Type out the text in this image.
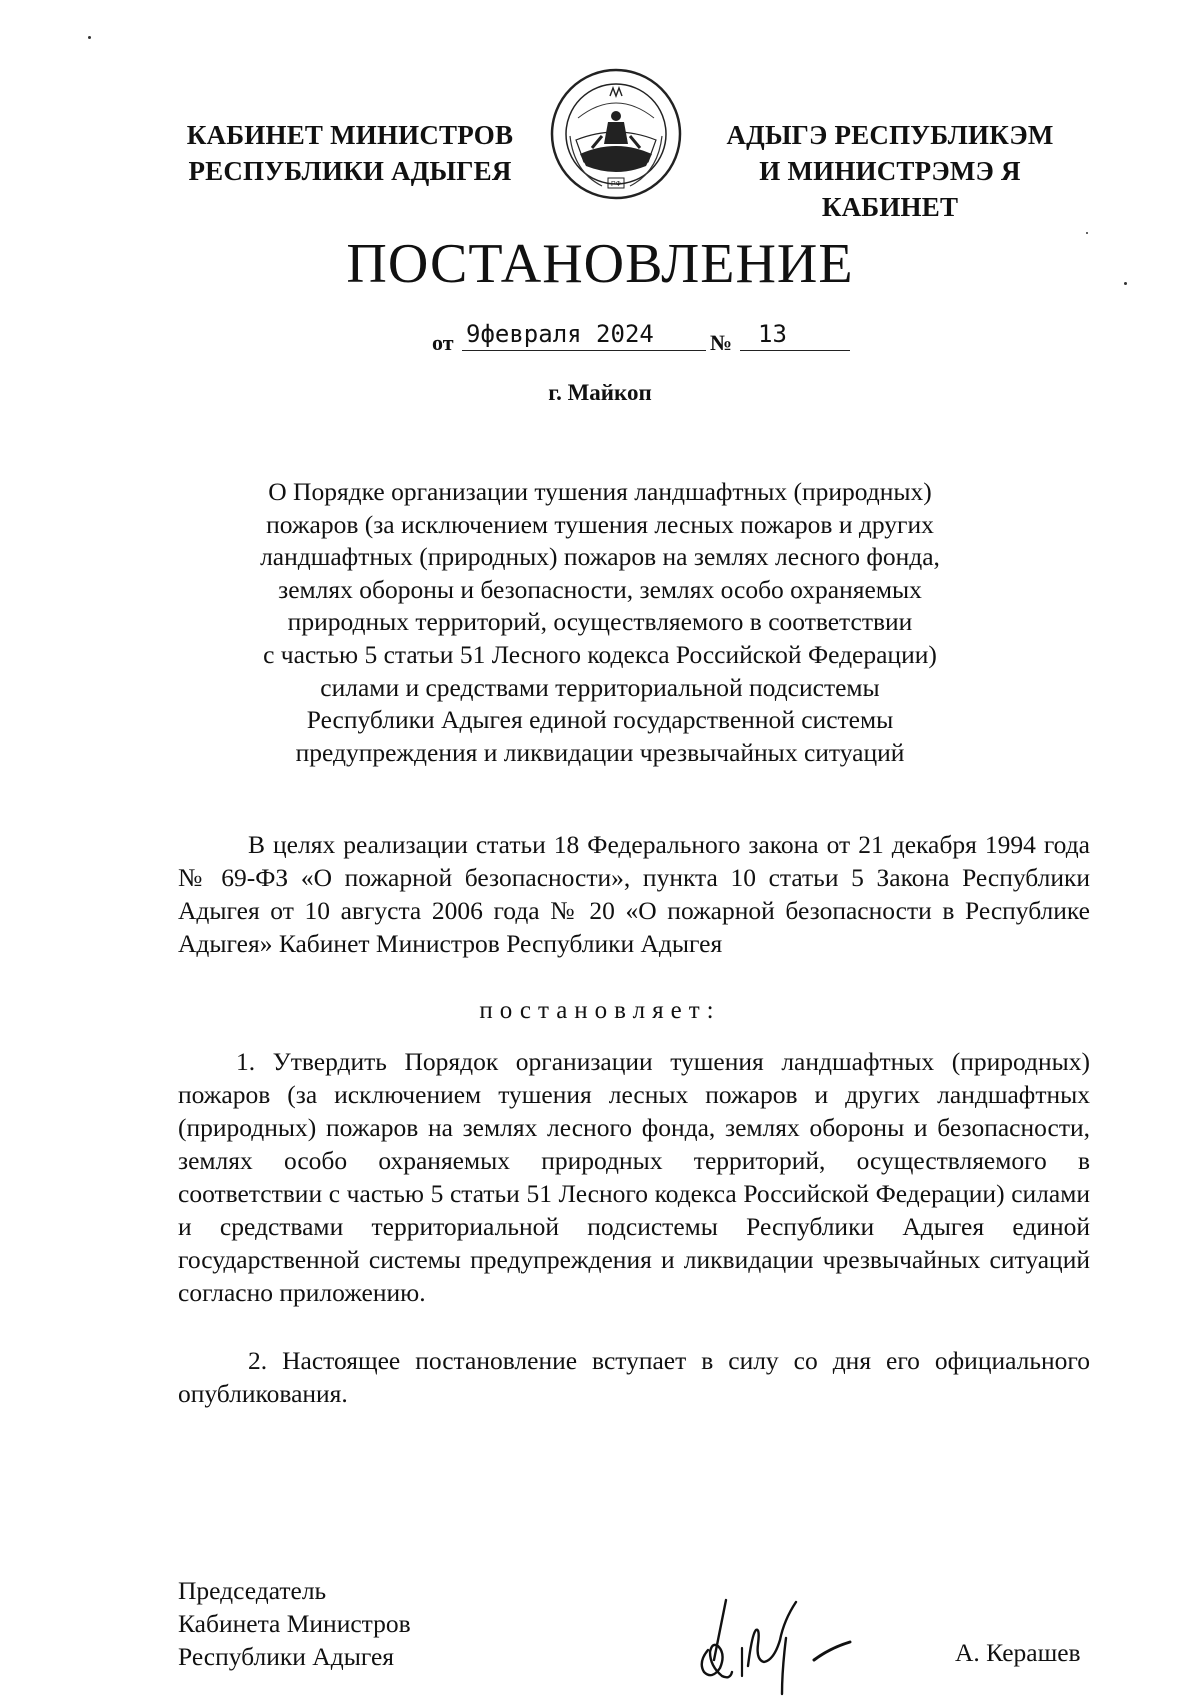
КАБИНЕТ МИНИСТРОВ
РЕСПУБЛИКИ АДЫГЕЯ	РФ
АДЫГЭ РЕСПУБЛИКЭМ
И МИНИСТРЭМЭ Я КАБИНЕТ
ПОСТАНОВЛЕНИЕ
от 9февраля 2024	№	13
г. Майкоп
О Порядке организации тушения ландшафтных (природных)
пожаров (за исключением тушения лесных пожаров и других
ландшафтных (природных) пожаров на землях лесного фонда,
землях обороны и безопасности, землях особо охраняемых
природных территорий, осуществляемого в соответствии
с частью 5 статьи 51 Лесного кодекса Российской Федерации)
силами и средствами территориальной подсистемы
Республики Адыгея единой государственной системы
предупреждения и ликвидации чрезвычайных ситуаций
В целях реализации статьи 18 Федерального закона от 21 декабря 1994 года № 69-ФЗ «О пожарной безопасности», пункта 10 статьи 5 Закона Республики Адыгея от 10 августа 2006 года № 20 «О пожарной безопасности в Республике Адыгея» Кабинет Министров Республики Адыгея
постановляет:
1. Утвердить Порядок организации тушения ландшафтных (природных) пожаров (за исключением тушения лесных пожаров и других ландшафтных (природных) пожаров на землях лесного фонда, землях обороны и безопасности, землях особо охраняемых природных территорий, осуществляемого в соответствии с частью 5 статьи 51 Лесного кодекса Российской Федерации) силами и средствами территориальной подсистемы Республики Адыгея единой государственной системы предупреждения и ликвидации чрезвычайных ситуаций согласно приложению.
2. Настоящее постановление вступает в силу со дня его официального опубликования.
Председатель
Кабинета Министров
Республики Адыгея	А. Керашев
